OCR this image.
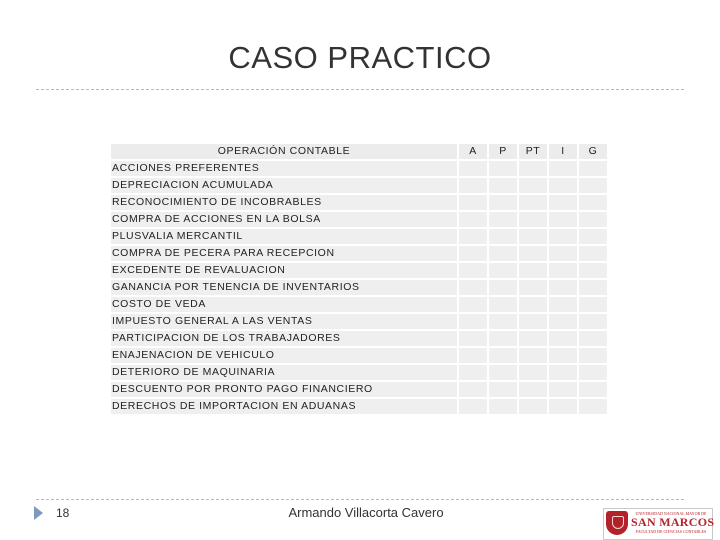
CASO PRACTICO
OPERACIÓN CONTABLE	A	P	PT	I	G
ACCIONES PREFERENTES					
DEPRECIACION ACUMULADA					
RECONOCIMIENTO DE INCOBRABLES					
COMPRA DE ACCIONES EN LA BOLSA					
PLUSVALIA MERCANTIL					
COMPRA DE PECERA PARA RECEPCION					
EXCEDENTE DE REVALUACION					
GANANCIA POR TENENCIA DE INVENTARIOS					
COSTO DE VEDA					
IMPUESTO GENERAL A LAS VENTAS					
PARTICIPACION DE LOS TRABAJADORES					
ENAJENACION DE VEHICULO					
DETERIORO DE MAQUINARIA					
DESCUENTO POR PRONTO PAGO FINANCIERO					
DERECHOS DE IMPORTACION EN ADUANAS					
18	Armando Villacorta Cavero	UNIVERSIDAD NACIONAL MAYOR DE
SAN MARCOS
FACULTAD DE CIENCIAS CONTABLES
